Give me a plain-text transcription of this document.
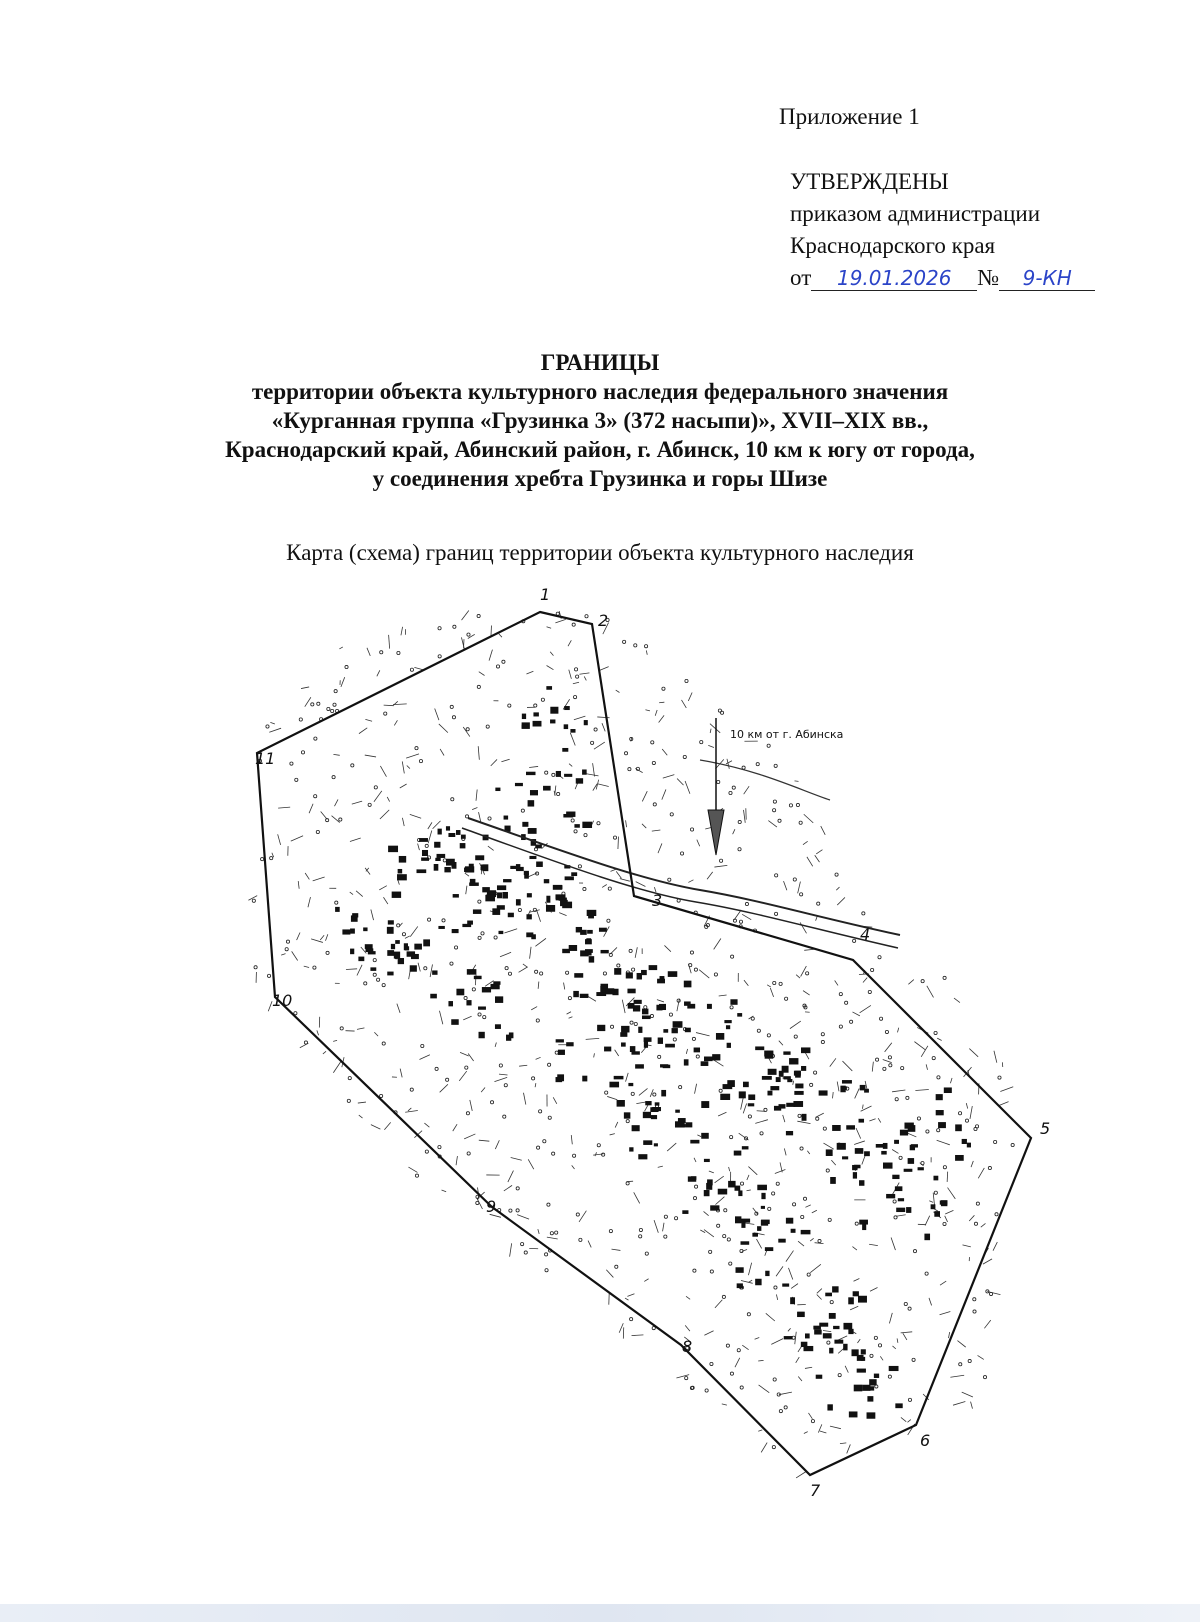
Приложение 1
УТВЕРЖДЕНЫ
приказом администрации
Краснодарского края
от 19.01.2026 № 9-КН
ГРАНИЦЫ
территории объекта культурного наследия федерального значения
«Курганная группа «Грузинка 3» (372 насыпи)», XVII–XIX вв.,
Краснодарский край, Абинский район, г. Абинск, 10 км к югу от города,
у соединения хребта Грузинка и горы Шизе
Карта (схема) границ территории объекта культурного наследия
1
2
3
4
5
6
7
8
9
10
11
10 км от г. Абинска
